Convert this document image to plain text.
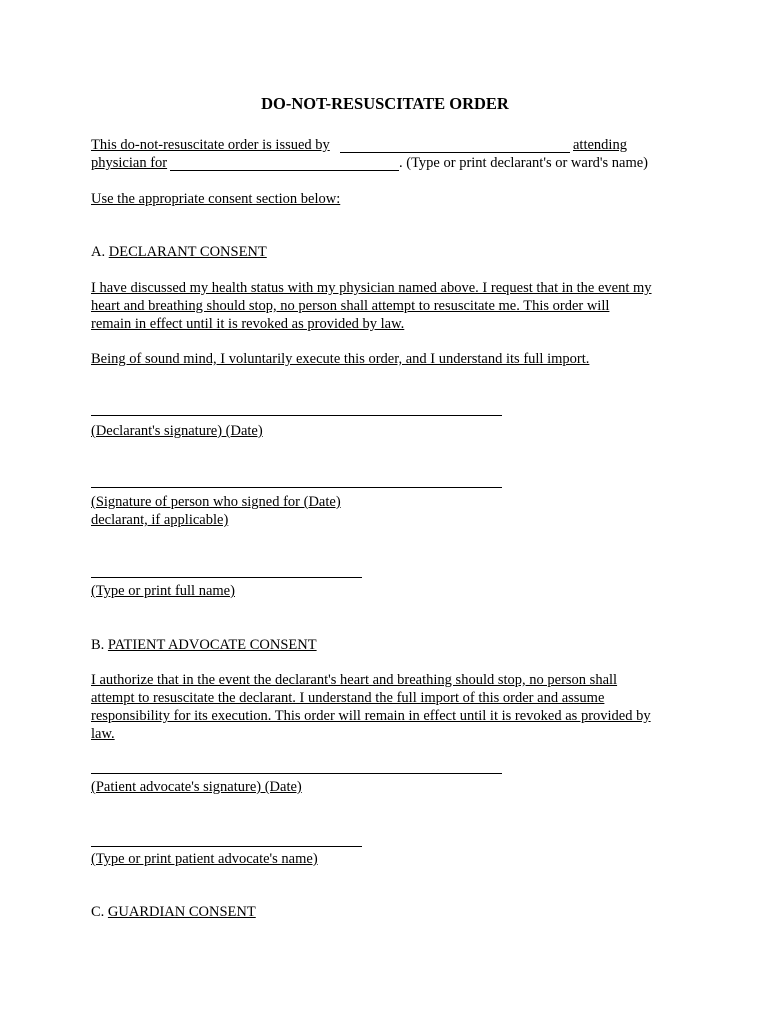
DO-NOT-RESUSCITATE ORDER
This do-not-resuscitate order is issued by	attending
physician for	. (Type or print declarant's or ward's name)
Use the appropriate consent section below:
A. DECLARANT CONSENT
I have discussed my health status with my physician named above. I request that in the event my
heart and breathing should stop, no person shall attempt to resuscitate me. This order will
remain in effect until it is revoked as provided by law.
Being of sound mind, I voluntarily execute this order, and I understand its full import.
(Declarant's signature) (Date)
(Signature of person who signed for (Date)
declarant, if applicable)
(Type or print full name)
B. PATIENT ADVOCATE CONSENT
I authorize that in the event the declarant's heart and breathing should stop, no person shall
attempt to resuscitate the declarant. I understand the full import of this order and assume
responsibility for its execution. This order will remain in effect until it is revoked as provided by
law.
(Patient advocate's signature) (Date)
(Type or print patient advocate's name)
C. GUARDIAN CONSENT
